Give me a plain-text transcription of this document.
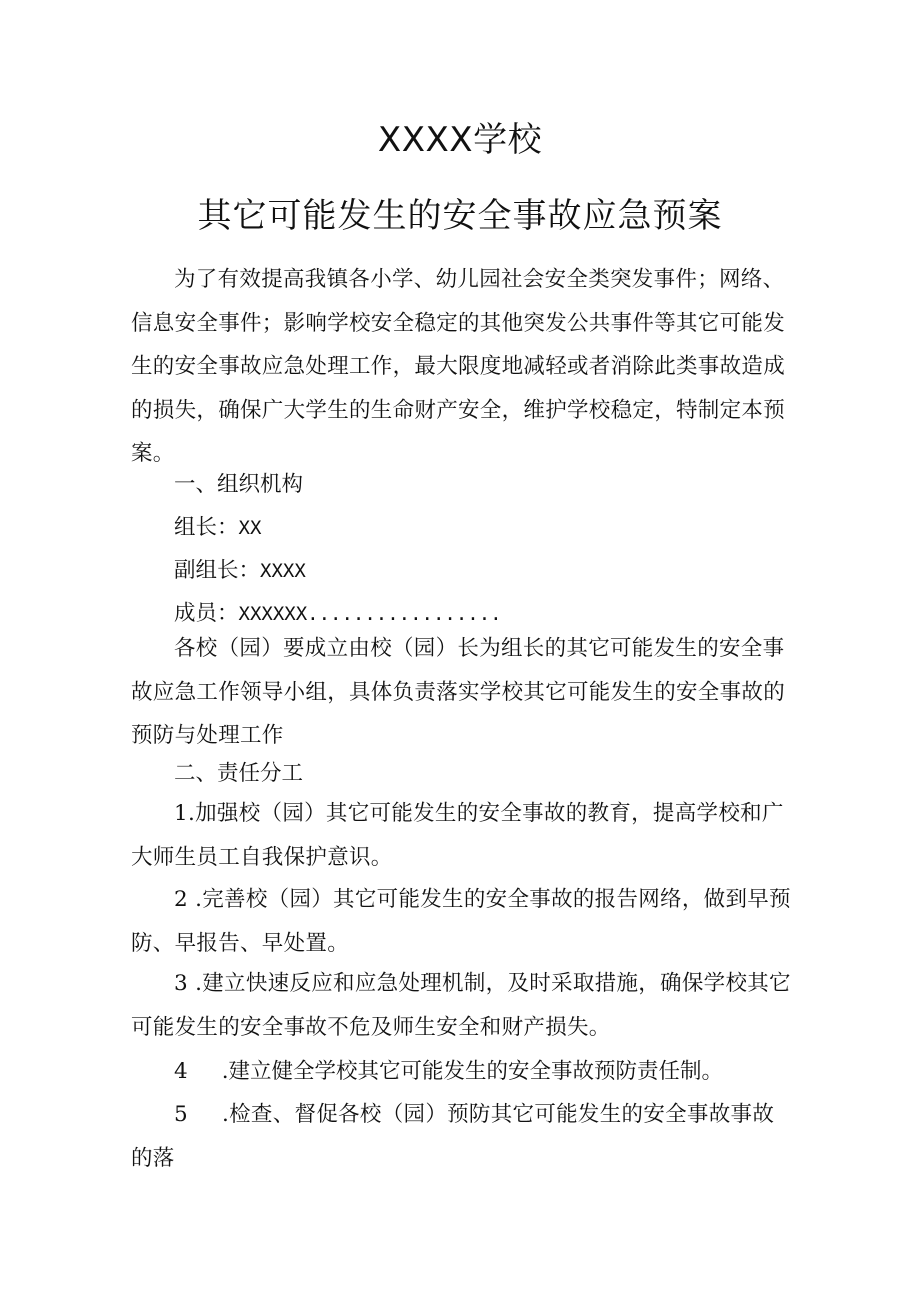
XXXX学校
其它可能发生的安全事故应急预案
为了有效提高我镇各小学、幼儿园社会安全类突发事件；网络、信息安全事件；影响学校安全稳定的其他突发公共事件等其它可能发生的安全事故应急处理工作，最大限度地减轻或者消除此类事故造成的损失，确保广大学生的生命财产安全，维护学校稳定，特制定本预案。
一、组织机构
组长：XX
副组长：XXXX
成员：XXXXXX.................
各校（园）要成立由校（园）长为组长的其它可能发生的安全事故应急工作领导小组，具体负责落实学校其它可能发生的安全事故的预防与处理工作
二、责任分工
1.加强校（园）其它可能发生的安全事故的教育，提高学校和广大师生员工自我保护意识。
2 .完善校（园）其它可能发生的安全事故的报告网络，做到早预防、早报告、早处置。
3 .建立快速反应和应急处理机制，及时采取措施，确保学校其它可能发生的安全事故不危及师生安全和财产损失。
4 .建立健全学校其它可能发生的安全事故预防责任制。
5 .检查、督促各校（园）预防其它可能发生的安全事故事故的落
